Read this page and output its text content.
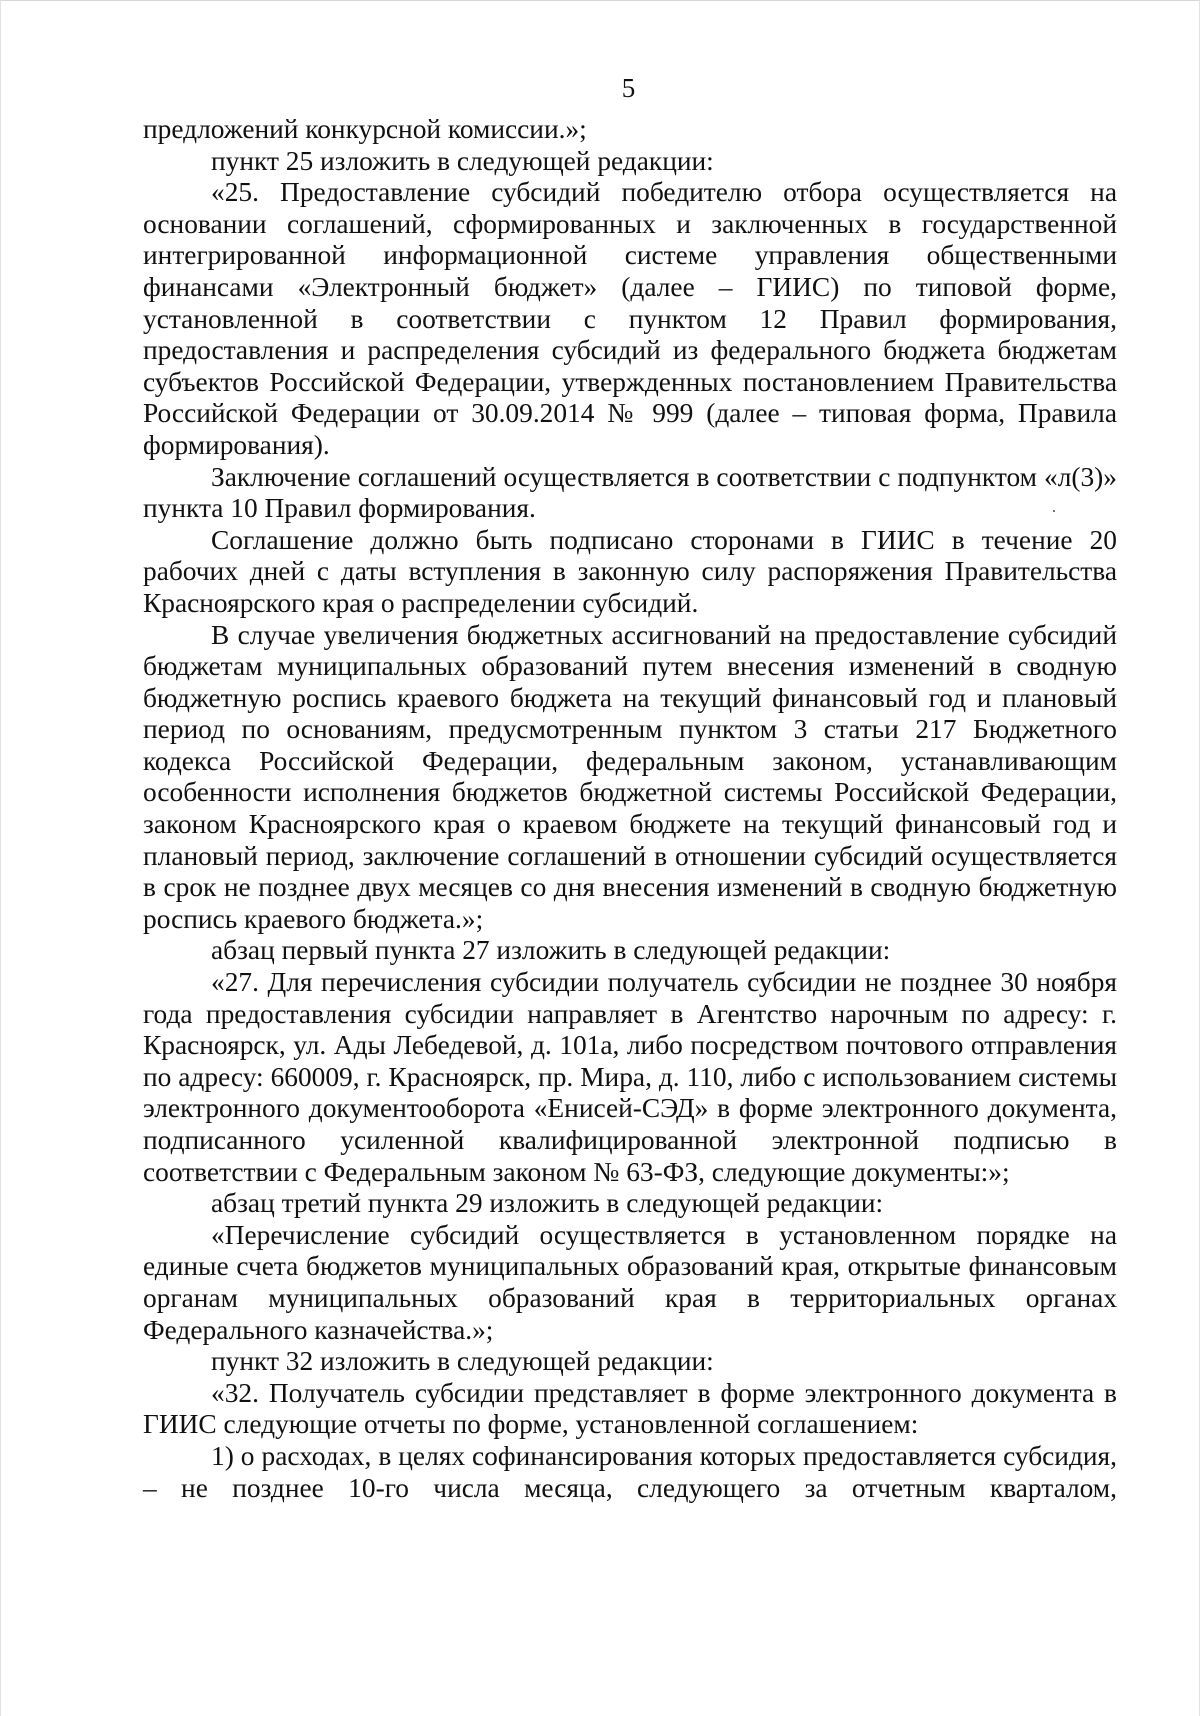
5

предложений конкурсной комиссии.»;

пункт 25 изложить в следующей редакции:

«25. Предоставление субсидий победителю отбора осуществляется на основании соглашений, сформированных и заключенных в государственной интегрированной информационной системе управления общественными финансами «Электронный бюджет» (далее – ГИИС) по типовой форме, установленной в соответствии с пунктом 12 Правил формирования, предоставления и распределения субсидий из федерального бюджета бюджетам субъектов Российской Федерации, утвержденных постановлением Правительства Российской Федерации от 30.09.2014 № 999 (далее – типовая форма, Правила формирования).

Заключение соглашений осуществляется в соответствии с подпунктом «л(3)» пункта 10 Правил формирования.

Соглашение должно быть подписано сторонами в ГИИС в течение 20 рабочих дней с даты вступления в законную силу распоряжения Правительства Красноярского края о распределении субсидий.

В случае увеличения бюджетных ассигнований на предоставление субсидий бюджетам муниципальных образований путем внесения изменений в сводную бюджетную роспись краевого бюджета на текущий финансовый год и плановый период по основаниям, предусмотренным пунктом 3 статьи 217 Бюджетного кодекса Российской Федерации, федеральным законом, устанавливающим особенности исполнения бюджетов бюджетной системы Российской Федерации, законом Красноярского края о краевом бюджете на текущий финансовый год и плановый период, заключение соглашений в отношении субсидий осуществляется в срок не позднее двух месяцев со дня внесения изменений в сводную бюджетную роспись краевого бюджета.»;

абзац первый пункта 27 изложить в следующей редакции:

«27. Для перечисления субсидии получатель субсидии не позднее 30 ноября года предоставления субсидии направляет в Агентство нарочным по адресу: г. Красноярск, ул. Ады Лебедевой, д. 101а, либо посредством почтового отправления по адресу: 660009, г. Красноярск, пр. Мира, д. 110, либо с использованием системы электронного документооборота «Енисей-СЭД» в форме электронного документа, подписанного усиленной квалифицированной электронной подписью в соответствии с Федеральным законом № 63-ФЗ, следующие документы:»;

абзац третий пункта 29 изложить в следующей редакции:

«Перечисление субсидий осуществляется в установленном порядке на единые счета бюджетов муниципальных образований края, открытые финансовым органам муниципальных образований края в территориальных органах Федерального казначейства.»;

пункт 32 изложить в следующей редакции:

«32. Получатель субсидии представляет в форме электронного документа в ГИИС следующие отчеты по форме, установленной соглашением:

1) о расходах, в целях софинансирования которых предоставляется субсидия, – не позднее 10-го числа месяца, следующего за отчетным кварталом,
